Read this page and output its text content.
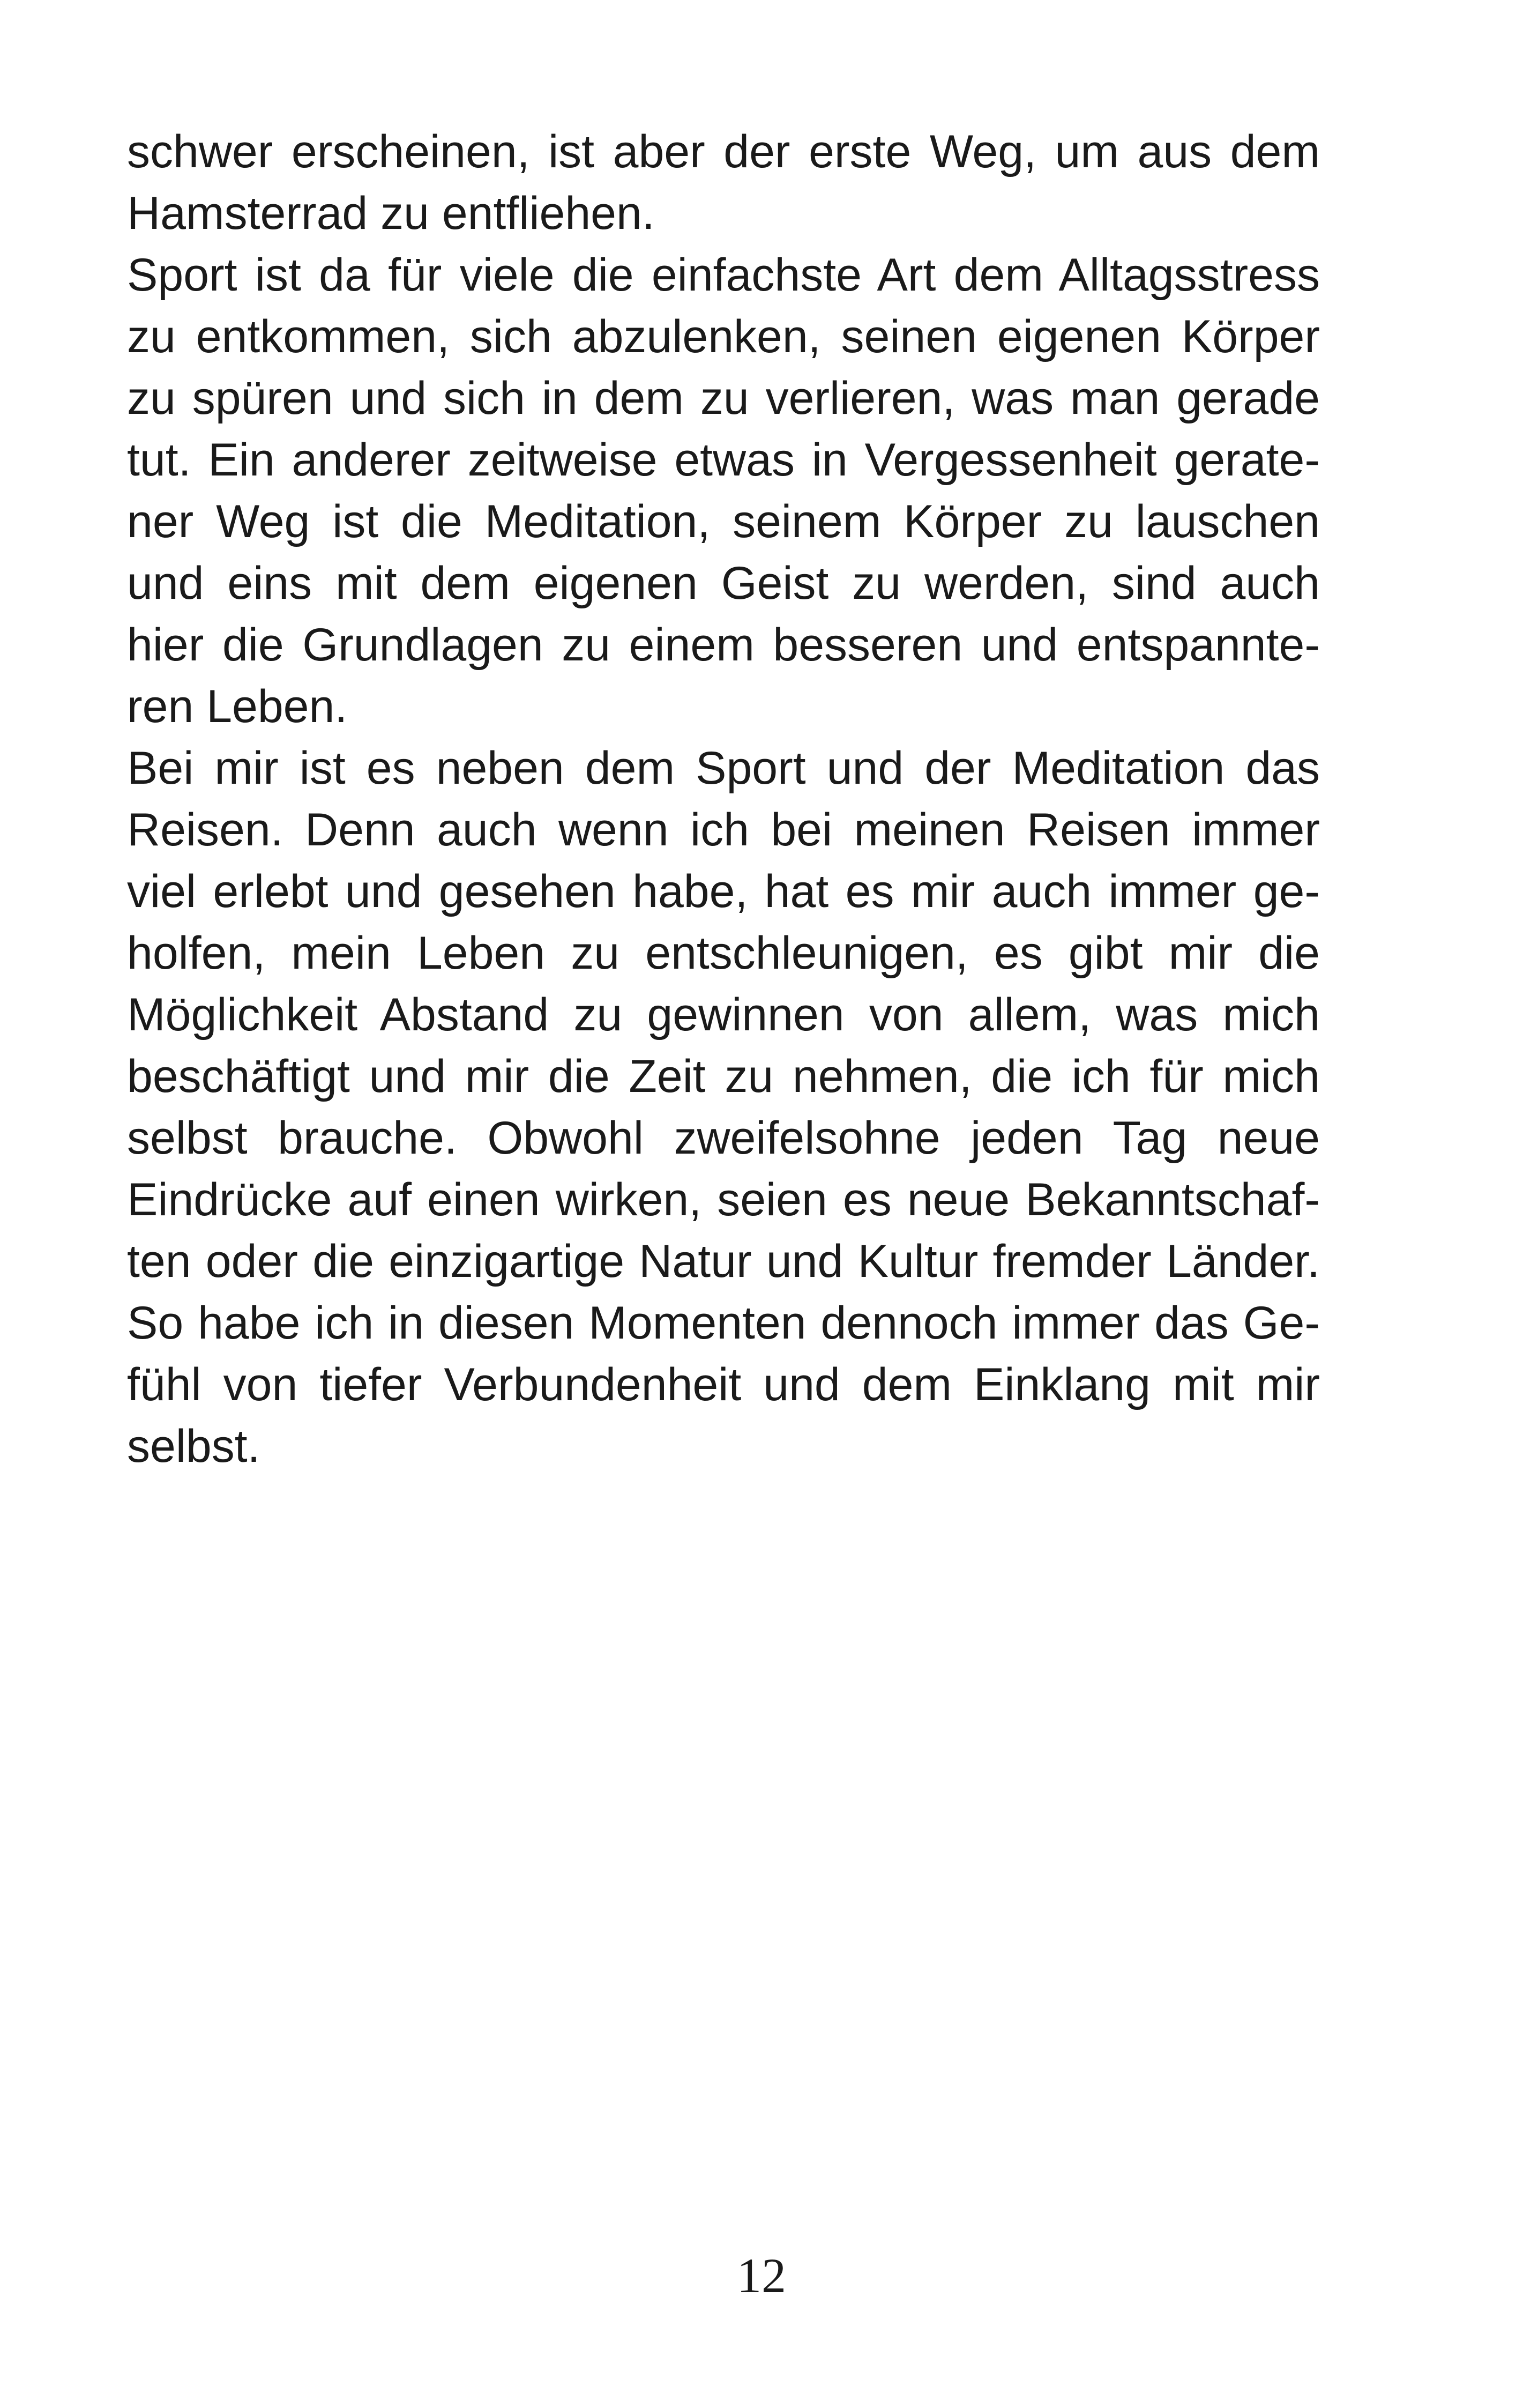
schwer erscheinen, ist aber der erste Weg, um aus dem
Hamsterrad zu entfliehen.
Sport ist da für viele die einfachste Art dem Alltagsstress
zu entkommen, sich abzulenken, seinen eigenen Körper
zu spüren und sich in dem zu verlieren, was man gerade
tut. Ein anderer zeitweise etwas in Vergessenheit gerate-
ner Weg ist die Meditation, seinem Körper zu lauschen
und eins mit dem eigenen Geist zu werden, sind auch
hier die Grundlagen zu einem besseren und entspannte-
ren Leben.
Bei mir ist es neben dem Sport und der Meditation das
Reisen. Denn auch wenn ich bei meinen Reisen immer
viel erlebt und gesehen habe, hat es mir auch immer ge-
holfen, mein Leben zu entschleunigen, es gibt mir die
Möglichkeit Abstand zu gewinnen von allem, was mich
beschäftigt und mir die Zeit zu nehmen, die ich für mich
selbst brauche. Obwohl zweifelsohne jeden Tag neue
Eindrücke auf einen wirken, seien es neue Bekanntschaf-
ten oder die einzigartige Natur und Kultur fremder Länder.
So habe ich in diesen Momenten dennoch immer das Ge-
fühl von tiefer Verbundenheit und dem Einklang mit mir
selbst.
12
